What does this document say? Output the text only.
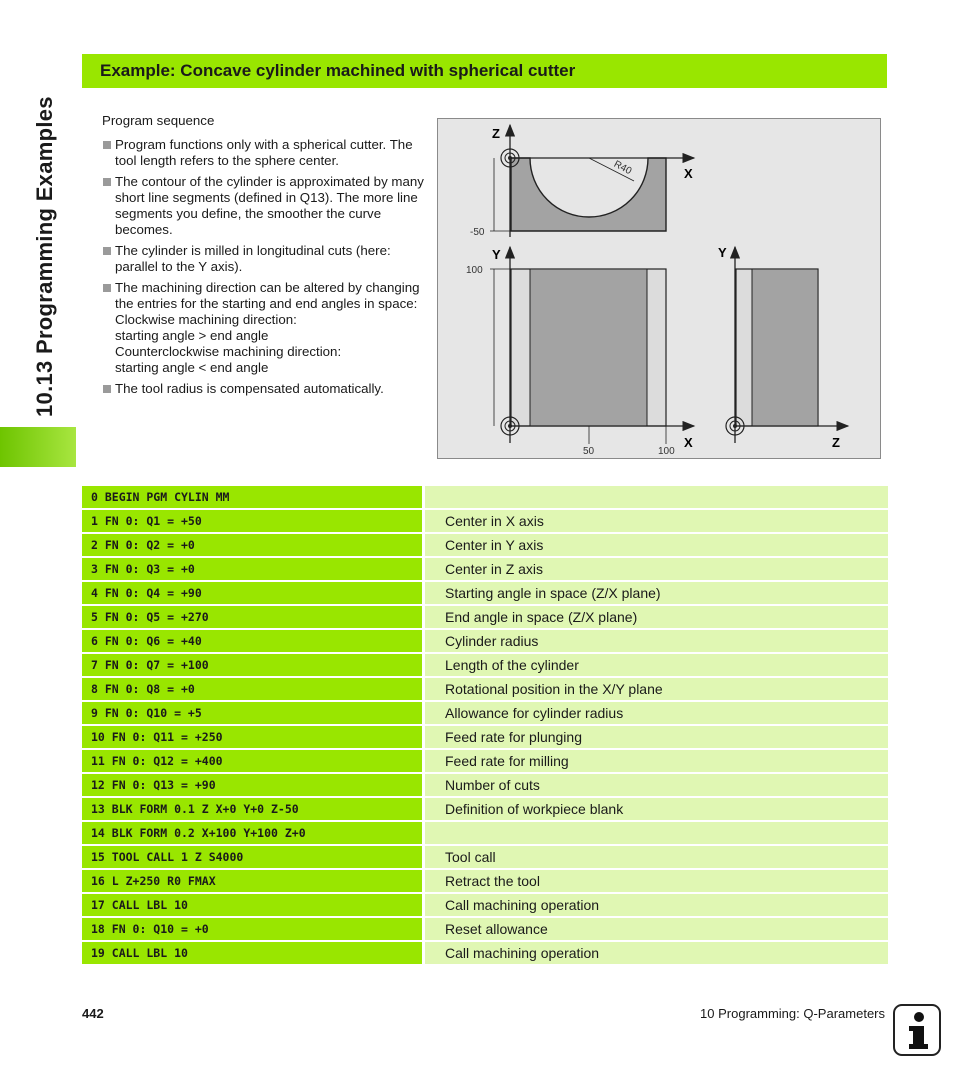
10.13 Programming Examples
Example: Concave cylinder machined with spherical cutter
Program sequence
Program functions only with a spherical cutter. The tool length refers to the sphere center.
The contour of the cylinder is approximated by many short line segments (defined in Q13). The more line segments you define, the smoother the curve becomes.
The cylinder is milled in longitudinal cuts (here: parallel to the Y axis).
The machining direction can be altered by changing the entries for the starting and end angles in space:
Clockwise machining direction:
starting angle > end angle
Counterclockwise machining direction:
starting angle < end angle
The tool radius is compensated automatically.
R40
Z
X
-50
Y
X
100
50	100
Y
Z
0 BEGIN PGM CYLIN MM
1 FN 0: Q1 = +50	Center in X axis
2 FN 0: Q2 = +0	Center in Y axis
3 FN 0: Q3 = +0	Center in Z axis
4 FN 0: Q4 = +90	Starting angle in space (Z/X plane)
5 FN 0: Q5 = +270	End angle in space (Z/X plane)
6 FN 0: Q6 = +40	Cylinder radius
7 FN 0: Q7 = +100	Length of the cylinder
8 FN 0: Q8 = +0	Rotational position in the X/Y plane
9 FN 0: Q10 = +5	Allowance for cylinder radius
10 FN 0: Q11 = +250	Feed rate for plunging
11 FN 0: Q12 = +400	Feed rate for milling
12 FN 0: Q13 = +90	Number of cuts
13 BLK FORM 0.1 Z X+0 Y+0 Z-50	Definition of workpiece blank
14 BLK FORM 0.2 X+100 Y+100 Z+0
15 TOOL CALL 1 Z S4000	Tool call
16 L Z+250 R0 FMAX	Retract the tool
17 CALL LBL 10	Call machining operation
18 FN 0: Q10 = +0	Reset allowance
19 CALL LBL 10	Call machining operation
442	10 Programming: Q-Parameters
